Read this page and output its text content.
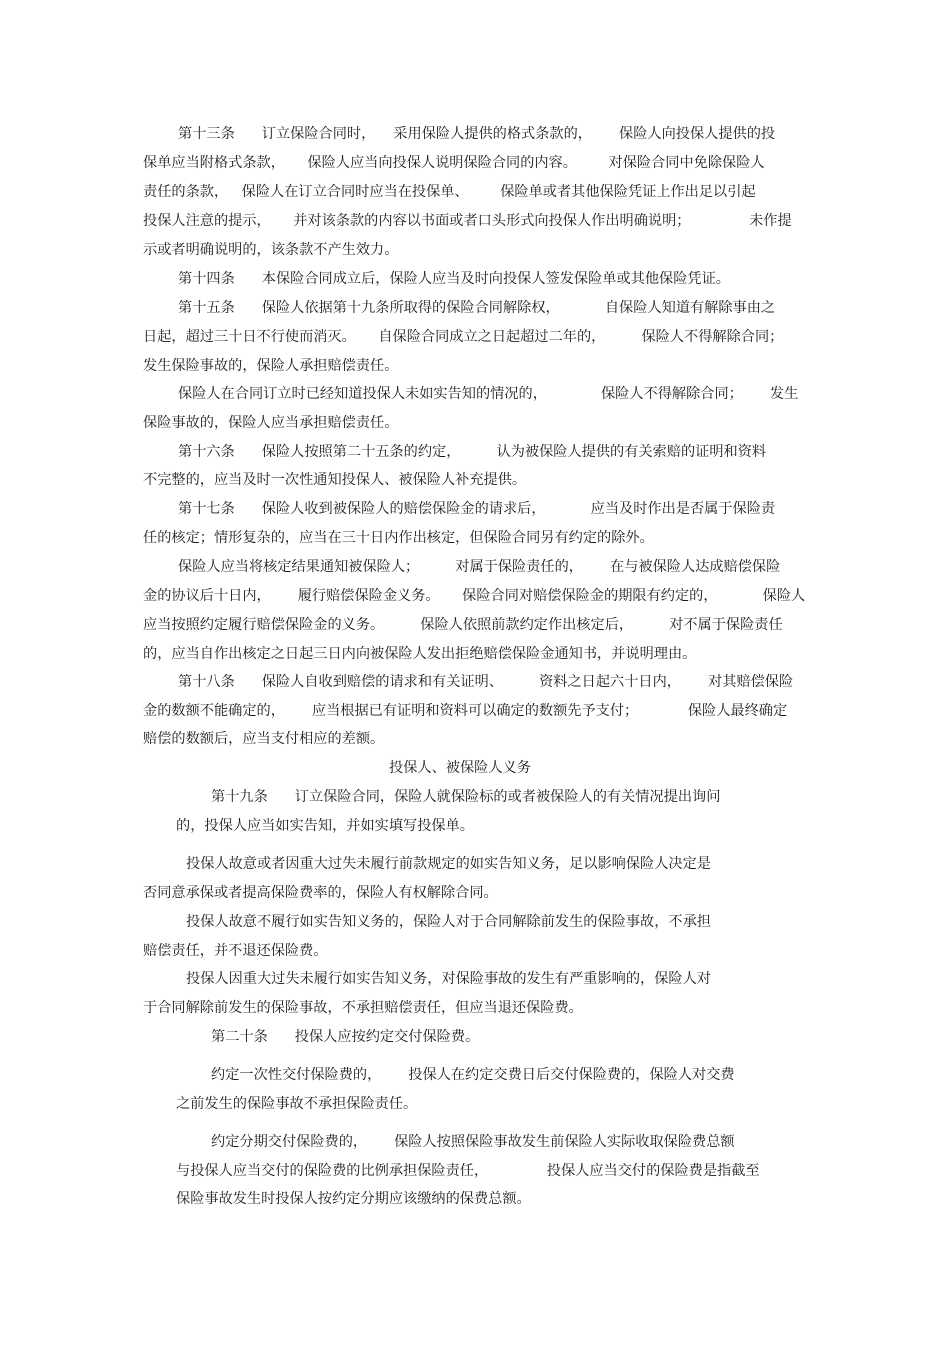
第十三条      订立保险合同时，    采用保险人提供的格式条款的，      保险人向投保人提供的投
保单应当附格式条款，     保险人应当向投保人说明保险合同的内容。       对保险合同中免除保险人
责任的条款，   保险人在订立合同时应当在投保单、       保险单或者其他保险凭证上作出足以引起
投保人注意的提示，     并对该条款的内容以书面或者口头形式向投保人作出明确说明；             未作提
示或者明确说明的，该条款不产生效力。
第十四条      本保险合同成立后，保险人应当及时向投保人签发保险单或其他保险凭证。
第十五条      保险人依据第十九条所取得的保险合同解除权，          自保险人知道有解除事由之
日起，超过三十日不行使而消灭。     自保险合同成立之日起超过二年的，        保险人不得解除合同；
发生保险事故的，保险人承担赔偿责任。
保险人在合同订立时已经知道投保人未如实告知的情况的，            保险人不得解除合同；      发生
保险事故的，保险人应当承担赔偿责任。
第十六条      保险人按照第二十五条的约定，        认为被保险人提供的有关索赔的证明和资料
不完整的，应当及时一次性通知投保人、被保险人补充提供。
第十七条      保险人收到被保险人的赔偿保险金的请求后，          应当及时作出是否属于保险责
任的核定；情形复杂的，应当在三十日内作出核定，但保险合同另有约定的除外。
保险人应当将核定结果通知被保险人；        对属于保险责任的，      在与被保险人达成赔偿保险
金的协议后十日内，      履行赔偿保险金义务。     保险合同对赔偿保险金的期限有约定的，          保险人
应当按照约定履行赔偿保险金的义务。        保险人依照前款约定作出核定后，        对不属于保险责任
的，应当自作出核定之日起三日内向被保险人发出拒绝赔偿保险金通知书，并说明理由。
第十八条      保险人自收到赔偿的请求和有关证明、        资料之日起六十日内，      对其赔偿保险
金的数额不能确定的，      应当根据已有证明和资料可以确定的数额先予支付；           保险人最终确定
赔偿的数额后，应当支付相应的差额。
投保人、被保险人义务
第十九条      订立保险合同，保险人就保险标的或者被保险人的有关情况提出询问
的，投保人应当如实告知，并如实填写投保单。
投保人故意或者因重大过失未履行前款规定的如实告知义务，足以影响保险人决定是
否同意承保或者提高保险费率的，保险人有权解除合同。
投保人故意不履行如实告知义务的，保险人对于合同解除前发生的保险事故，不承担
赔偿责任，并不退还保险费。
投保人因重大过失未履行如实告知义务，对保险事故的发生有严重影响的，保险人对
于合同解除前发生的保险事故，不承担赔偿责任，但应当退还保险费。
第二十条      投保人应按约定交付保险费。
约定一次性交付保险费的，      投保人在约定交费日后交付保险费的，保险人对交费
之前发生的保险事故不承担保险责任。
约定分期交付保险费的，      保险人按照保险事故发生前保险人实际收取保险费总额
与投保人应当交付的保险费的比例承担保险责任，             投保人应当交付的保险费是指截至
保险事故发生时投保人按约定分期应该缴纳的保费总额。
